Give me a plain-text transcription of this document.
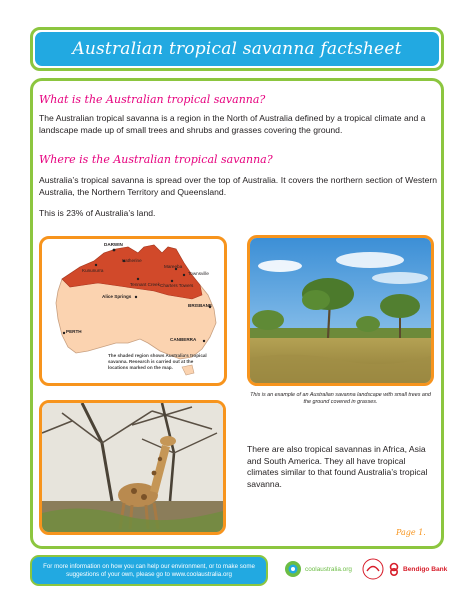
Australian tropical savanna factsheet
What is the Australian tropical savanna?
The Australian tropical savanna is a region in the North of Australia defined by a tropical climate and a landscape made up of small trees and shrubs and grasses covering the ground.
Where is the Australian tropical savanna?
Australia’s tropical savanna is spread over the top of Australia. It covers the northern section of Western Australia, the Northern Territory and Queensland.
This is 23% of Australia’s land.
DARWIN
Katherine
Kununurra
Tennant Creek
Mareeba
Townsville
Charters Towers
Alice Springs
BRISBANE
PERTH
CANBERRA
The shaded region shows Australia’s tropical savanna. Research is carried out at the locations marked on the map.
This is an example of an Australian savanna landscape with small trees and the ground covered in grasses.
There are also tropical savannas in Africa, Asia and South America. They all have tropical climates similar to that found Australia’s tropical savanna.
Page 1.
For more information on how you can help our environment, or to make some suggestions of your own, please go to www.coolaustralia.org
coolaustralia.org	Bendigo Bank
